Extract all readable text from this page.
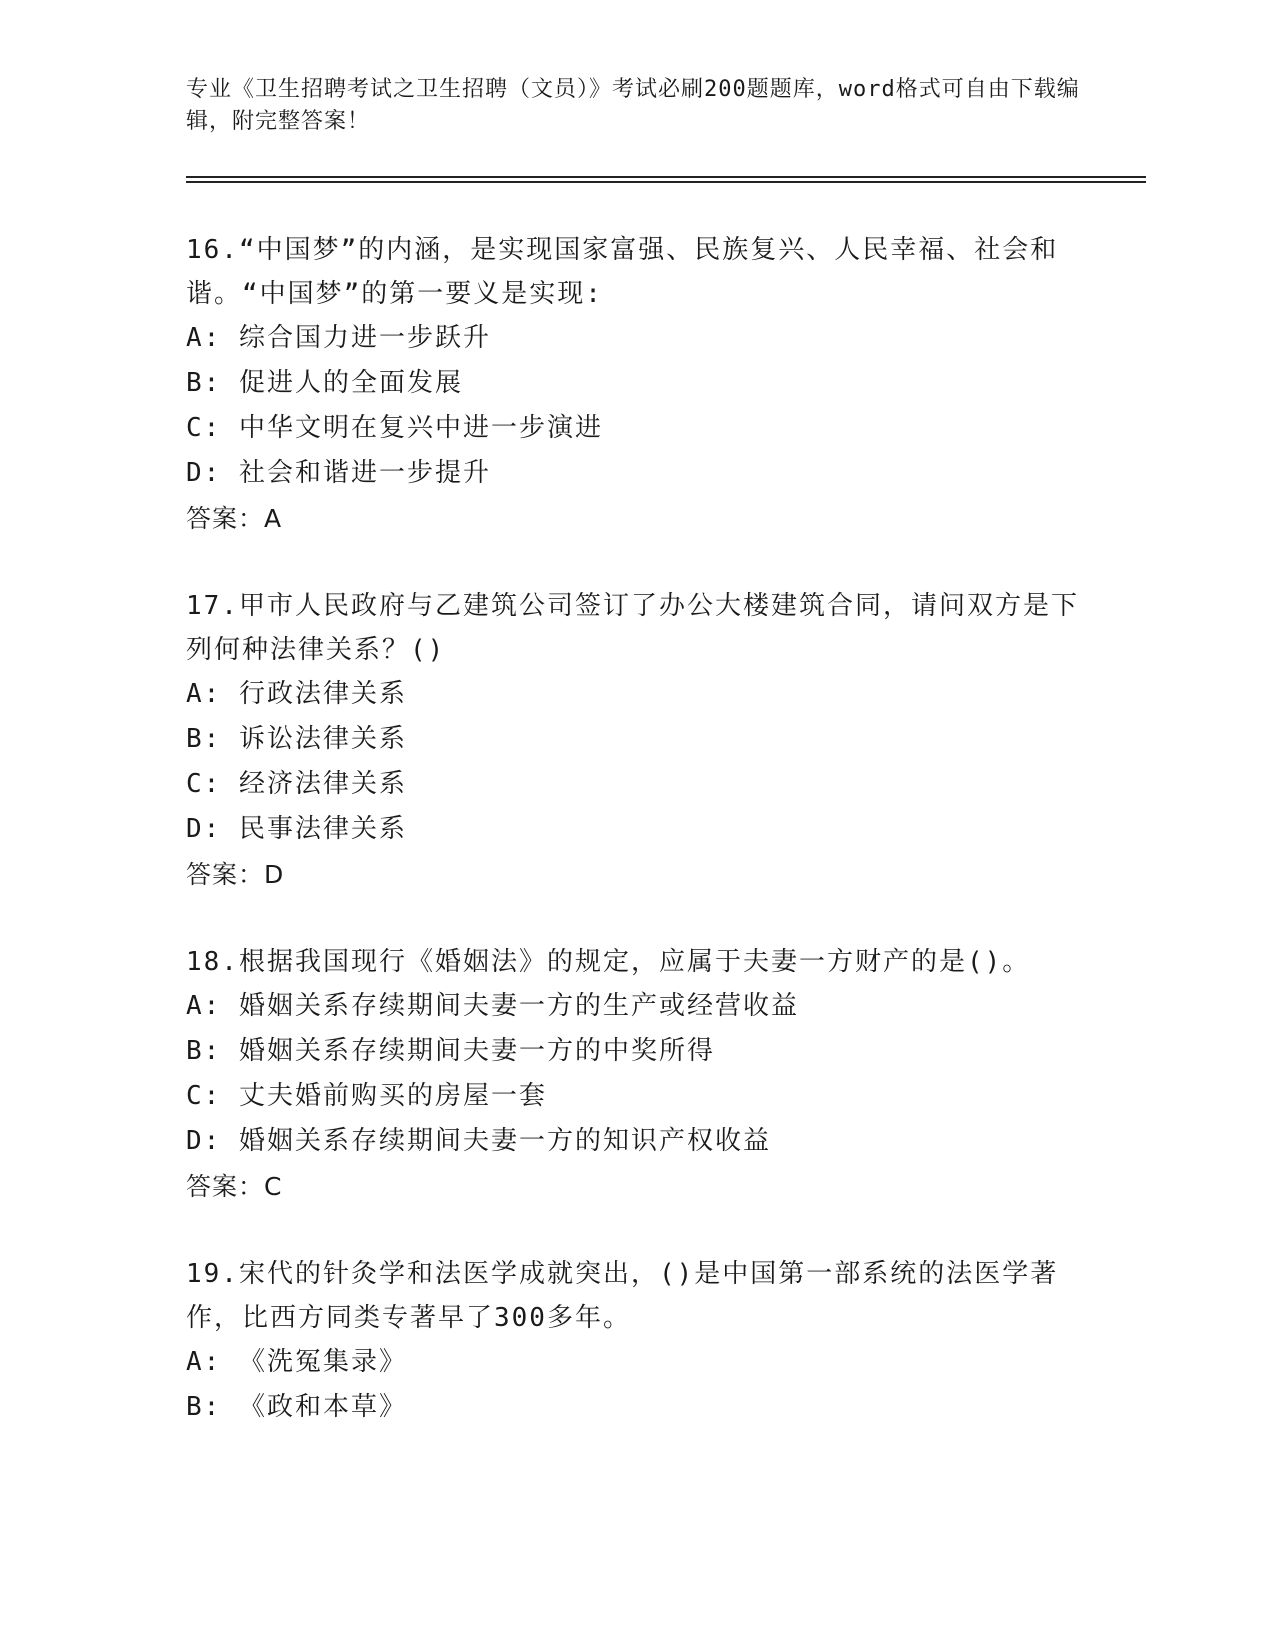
专业《卫生招聘考试之卫生招聘（文员）》考试必刷200题题库，word格式可自由下载编辑，附完整答案！
16.“中国梦”的内涵，是实现国家富强、民族复兴、人民幸福、社会和谐。“中国梦”的第一要义是实现:
A: 综合国力进一步跃升
B: 促进人的全面发展
C: 中华文明在复兴中进一步演进
D: 社会和谐进一步提升
答案：A
17.甲市人民政府与乙建筑公司签订了办公大楼建筑合同，请问双方是下列何种法律关系？()
A: 行政法律关系
B: 诉讼法律关系
C: 经济法律关系
D: 民事法律关系
答案：D
18.根据我国现行《婚姻法》的规定，应属于夫妻一方财产的是()。
A: 婚姻关系存续期间夫妻一方的生产或经营收益
B: 婚姻关系存续期间夫妻一方的中奖所得
C: 丈夫婚前购买的房屋一套
D: 婚姻关系存续期间夫妻一方的知识产权收益
答案：C
19.宋代的针灸学和法医学成就突出，()是中国第一部系统的法医学著作，比西方同类专著早了300多年。
A: 《洗冤集录》
B: 《政和本草》
